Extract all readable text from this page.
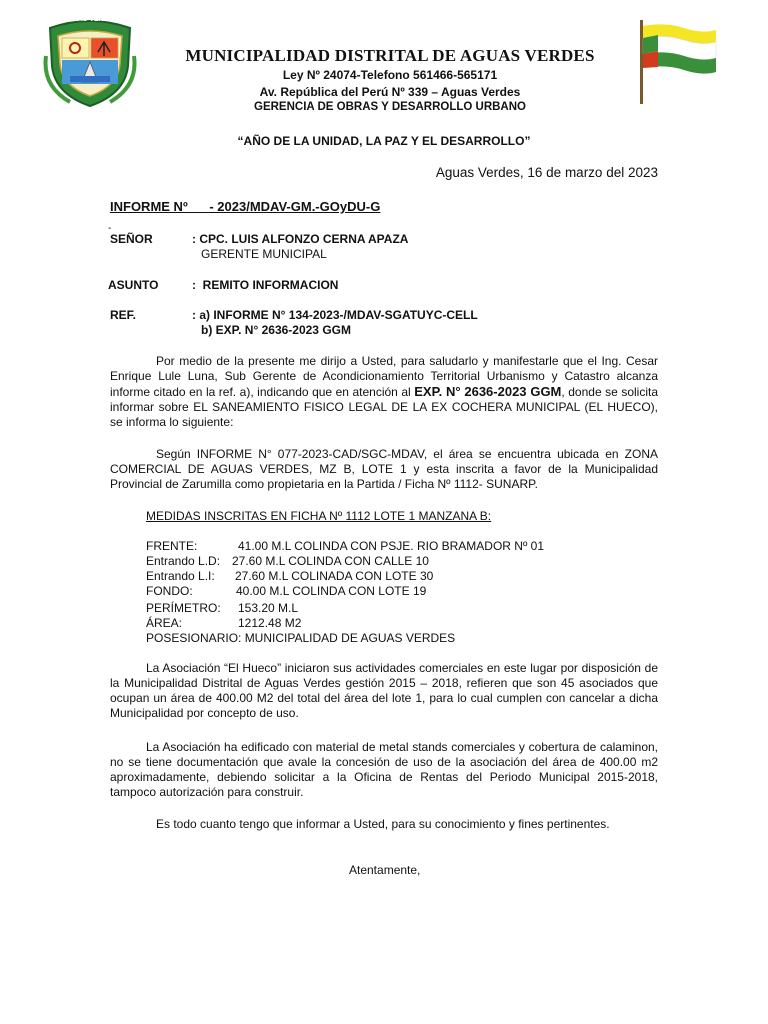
AGUAS VERDES
MUNICIPALIDAD DISTRITAL DE AGUAS VERDES
Ley Nº 24074-Telefono 561466-565171
Av. República del Perú Nº 339 – Aguas Verdes
GERENCIA DE OBRAS Y DESARROLLO URBANO
“AÑO DE LA UNIDAD, LA PAZ Y EL DESARROLLO”
Aguas Verdes, 16 de marzo del 2023
INFORME Nº      - 2023/MDAV-GM.-GOyDU-G
-
SEÑOR	: CPC. LUIS ALFONZO CERNA APAZA
GERENTE MUNICIPAL
ASUNTO	:  REMITO INFORMACION
REF.	: a) INFORME N° 134-2023-/MDAV-SGATUYC-CELL
b) EXP. N° 2636-2023 GGM
Por medio de la presente me dirijo a Usted, para saludarlo y manifestarle que el Ing. Cesar Enrique Lule Luna, Sub Gerente de Acondicionamiento Territorial Urbanismo y Catastro alcanza informe citado en la ref. a), indicando que en atención al EXP. N° 2636-2023 GGM, donde se solicita informar sobre EL SANEAMIENTO FISICO LEGAL DE LA EX COCHERA MUNICIPAL (EL HUECO), se informa lo siguiente:
Según INFORME N° 077-2023-CAD/SGC-MDAV, el área se encuentra ubicada en ZONA COMERCIAL DE AGUAS VERDES, MZ B, LOTE 1 y esta inscrita a favor de la Municipalidad Provincial de Zarumilla como propietaria en la Partida / Ficha Nº 1112- SUNARP.
MEDIDAS INSCRITAS EN FICHA Nº 1112 LOTE 1 MANZANA B:
FRENTE:	41.00 M.L COLINDA CON PSJE. RIO BRAMADOR Nº 01
Entrando L.D: 27.60 M.L COLINDA CON CALLE 10
Entrando L.I: 27.60 M.L COLINADA CON LOTE 30
FONDO:	40.00 M.L COLINDA CON LOTE 19
PERÍMETRO: 153.20 M.L
ÁREA:	1212.48 M2
POSESIONARIO: MUNICIPALIDAD DE AGUAS VERDES
La Asociación “El Hueco” iniciaron sus actividades comerciales en este lugar por disposición de la Municipalidad Distrital de Aguas Verdes gestión 2015 – 2018, refieren que son 45 asociados que ocupan un área de 400.00 M2 del total del área del lote 1, para lo cual cumplen con cancelar a dicha Municipalidad por concepto de uso.
La Asociación ha edificado con material de metal stands comerciales y cobertura de calaminon, no se tiene documentación que avale la concesión de uso de la asociación del área de 400.00 m2 aproximadamente, debiendo solicitar a la Oficina de Rentas del Periodo Municipal 2015-2018, tampoco autorización para construir.
Es todo cuanto tengo que informar a Usted, para su conocimiento y fines pertinentes.
Atentamente,
